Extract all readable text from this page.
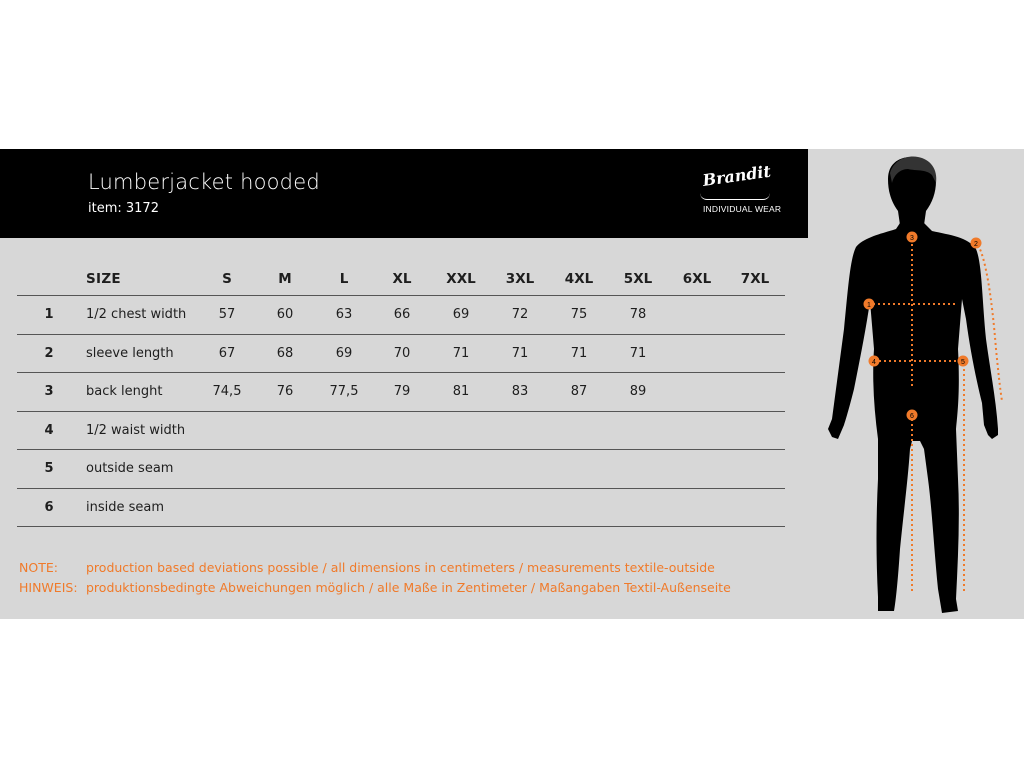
Lumberjacket hooded
item: 3172
Brandit
INDIVIDUAL WEAR
1
2
3
4	5
6
SIZE	S	M	L	XL	XXL	3XL	4XL	5XL	6XL	7XL
1	1/2 chest width	57	60	63	66	69	72	75	78
2	sleeve length	67	68	69	70	71	71	71	71
3	back lenght	74,5	76	77,5	79	81	83	87	89
4	1/2 waist width
5	outside seam
6	inside seam
NOTE: production based deviations possible / all dimensions in centimeters / measurements textile-outside
HINWEIS: produktionsbedingte Abweichungen möglich / alle Maße in Zentimeter / Maßangaben Textil-Außenseite
